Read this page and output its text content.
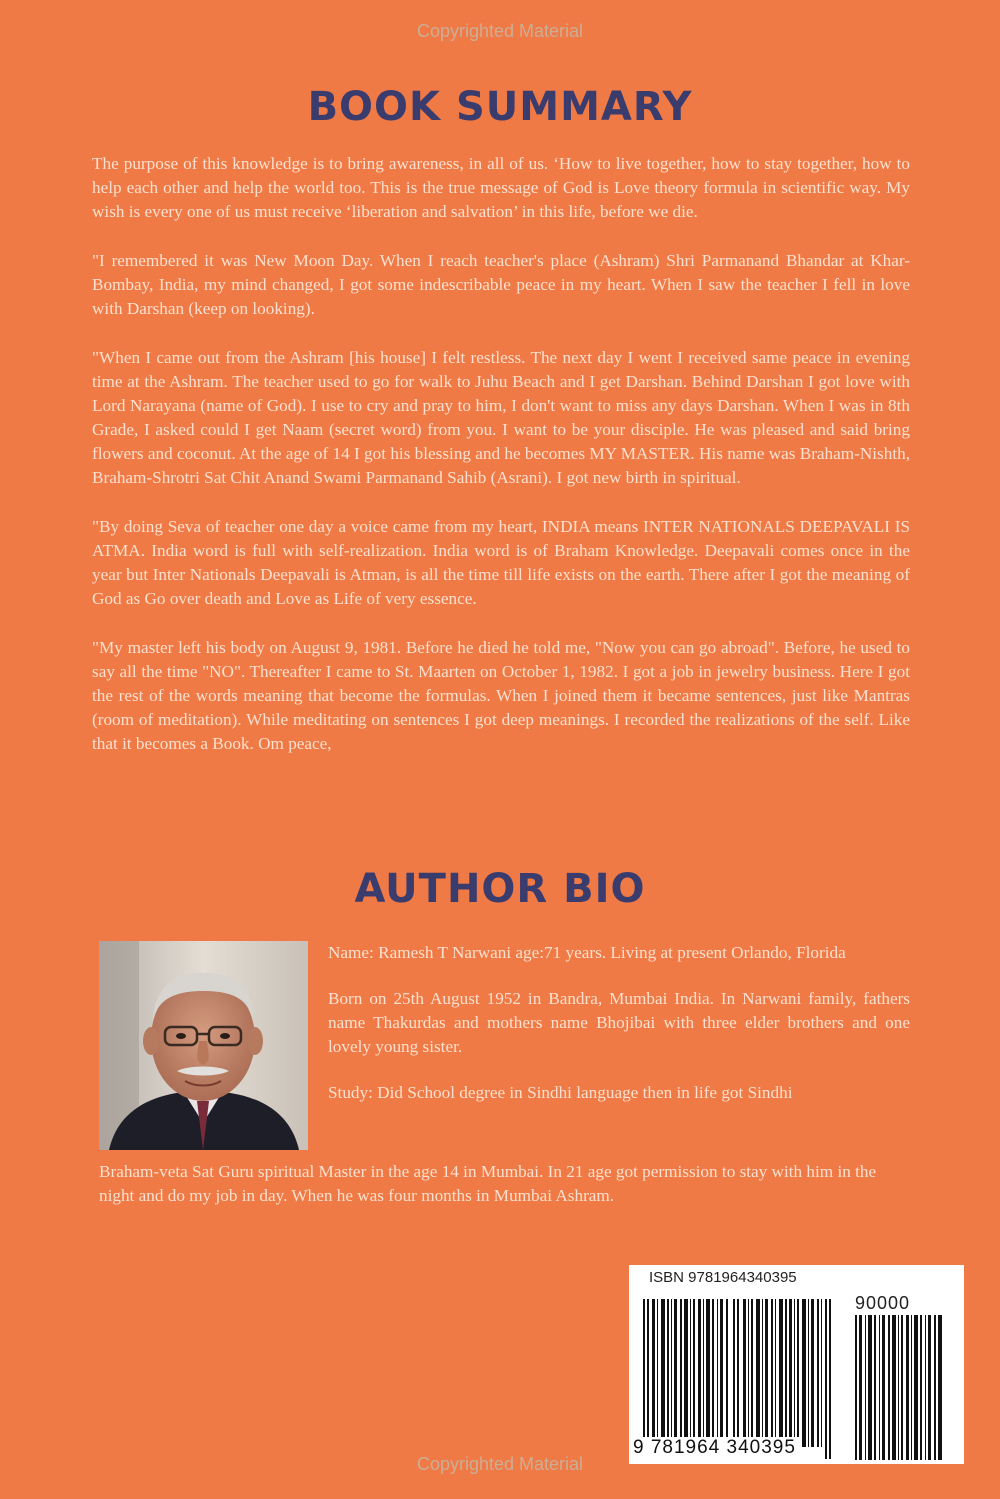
Copyrighted Material
BOOK SUMMARY

The purpose of this knowledge is to bring awareness, in all of us. ‘How to live together, how to stay together, how to help each other and help the world too. This is the true message of God is Love theory formula in scientific way. My wish is every one of us must receive ‘liberation and salvation’ in this life, before we die.

"I remembered it was New Moon Day. When I reach teacher's place (Ashram) Shri Parmanand Bhandar at Khar-Bombay, India, my mind changed, I got some indescribable peace in my heart. When I saw the teacher I fell in love with Darshan (keep on looking).

"When I came out from the Ashram [his house] I felt restless. The next day I went I received same peace in evening time at the Ashram. The teacher used to go for walk to Juhu Beach and I get Darshan. Behind Darshan I got love with Lord Narayana (name of God). I use to cry and pray to him, I don't want to miss any days Darshan. When I was in 8th Grade, I asked could I get Naam (secret word) from you. I want to be your disciple. He was pleased and said bring flowers and coconut. At the age of 14 I got his blessing and he becomes MY MASTER. His name was Braham-Nishth, Braham-Shrotri Sat Chit Anand Swami Parmanand Sahib (Asrani). I got new birth in spiritual.

"By doing Seva of teacher one day a voice came from my heart, INDIA means INTER NATIONALS DEEPAVALI IS ATMA. India word is full with self-realization. India word is of Braham Knowledge. Deepavali comes once in the year but Inter Nationals Deepavali is Atman, is all the time till life exists on the earth. There after I got the meaning of God as Go over death and Love as Life of very essence.

"My master left his body on August 9, 1981. Before he died he told me, "Now you can go abroad". Before, he used to say all the time "NO". Thereafter I came to St. Maarten on October 1, 1982. I got a job in jewelry business. Here I got the rest of the words meaning that become the formulas. When I joined them it became sentences, just like Mantras (room of meditation). While meditating on sentences I got deep meanings. I recorded the realizations of the self. Like that it becomes a Book. Om peace,

AUTHOR BIO

Name: Ramesh T Narwani age:71 years. Living at present Orlando, Florida

Born on 25th August 1952 in Bandra, Mumbai India. In Narwani family, fathers name Thakurdas and mothers name Bhojibai with three elder brothers and one lovely young sister.

Study: Did School degree in Sindhi language then in life got Sindhi

Braham-veta Sat Guru spiritual Master in the age 14 in Mumbai. In 21 age got permission to stay with him in the night and do my job in day. When he was four months in Mumbai Ashram.

ISBN 9781964340395
90000
9 781964 340395
Copyrighted Material
